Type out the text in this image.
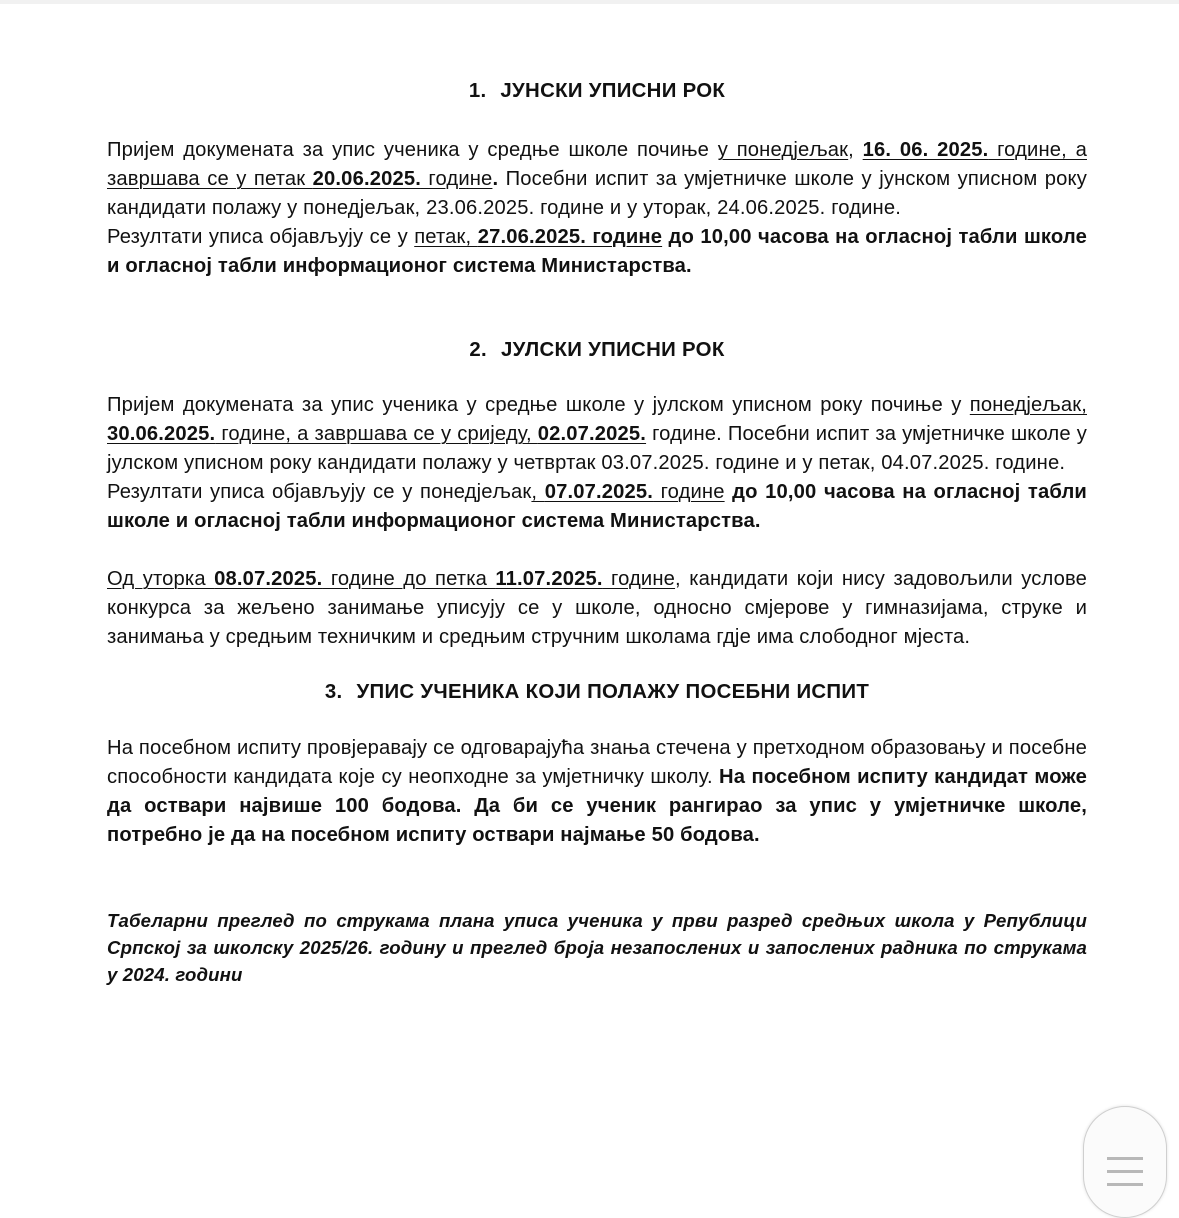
1. ЈУНСКИ УПИСНИ РОК

Пријем докумената за упис ученика у средње школе почиње у понедјељак, 16. 06. 2025. године, а завршава се у петак 20.06.2025. године. Посебни испит за умјетничке школе у јунском уписном року кандидати полажу у понедјељак, 23.06.2025. године и у уторак, 24.06.2025. године.

Резултати уписа објављују се у петак, 27.06.2025. године до 10,00 часова на огласној табли школе и огласној табли информационог система Министарства.

2. ЈУЛСКИ УПИСНИ РОК

Пријем докумената за упис ученика у средње школе у јулском уписном року почиње у понедјељак, 30.06.2025. године, а завршава се у сриједу, 02.07.2025. године. Посебни испит за умјетничке школе у јулском уписном року кандидати полажу у четвртак 03.07.2025. године и у петак, 04.07.2025. године.

Резултати уписа објављују се у понедјељак, 07.07.2025. године до 10,00 часова на огласној табли школе и огласној табли информационог система Министарства.

Од уторка 08.07.2025. године до петка 11.07.2025. године, кандидати који нису задовољили услове конкурса за жељено занимање уписују се у школе, односно смјерове у гимназијама, струке и занимања у средњим техничким и средњим стручним школама гдје има слободног мјеста.

3. УПИС УЧЕНИКА КОЈИ ПОЛАЖУ ПОСЕБНИ ИСПИТ

На посебном испиту провјеравају се одговарајућа знања стечена у претходном образовању и посебне способности кандидата које су неопходне за умјетничку школу. На посебном испиту кандидат може да оствари највише 100 бодова. Да би се ученик рангирао за упис у умјетничке школе, потребно је да на посебном испиту оствари најмање 50 бодова.

Табеларни преглед по струкама плана уписа ученика у први разред средњих школа у Републици Српској за школску 2025/26. годину и преглед броја незапослених и запослених радника по струкама у 2024. години
